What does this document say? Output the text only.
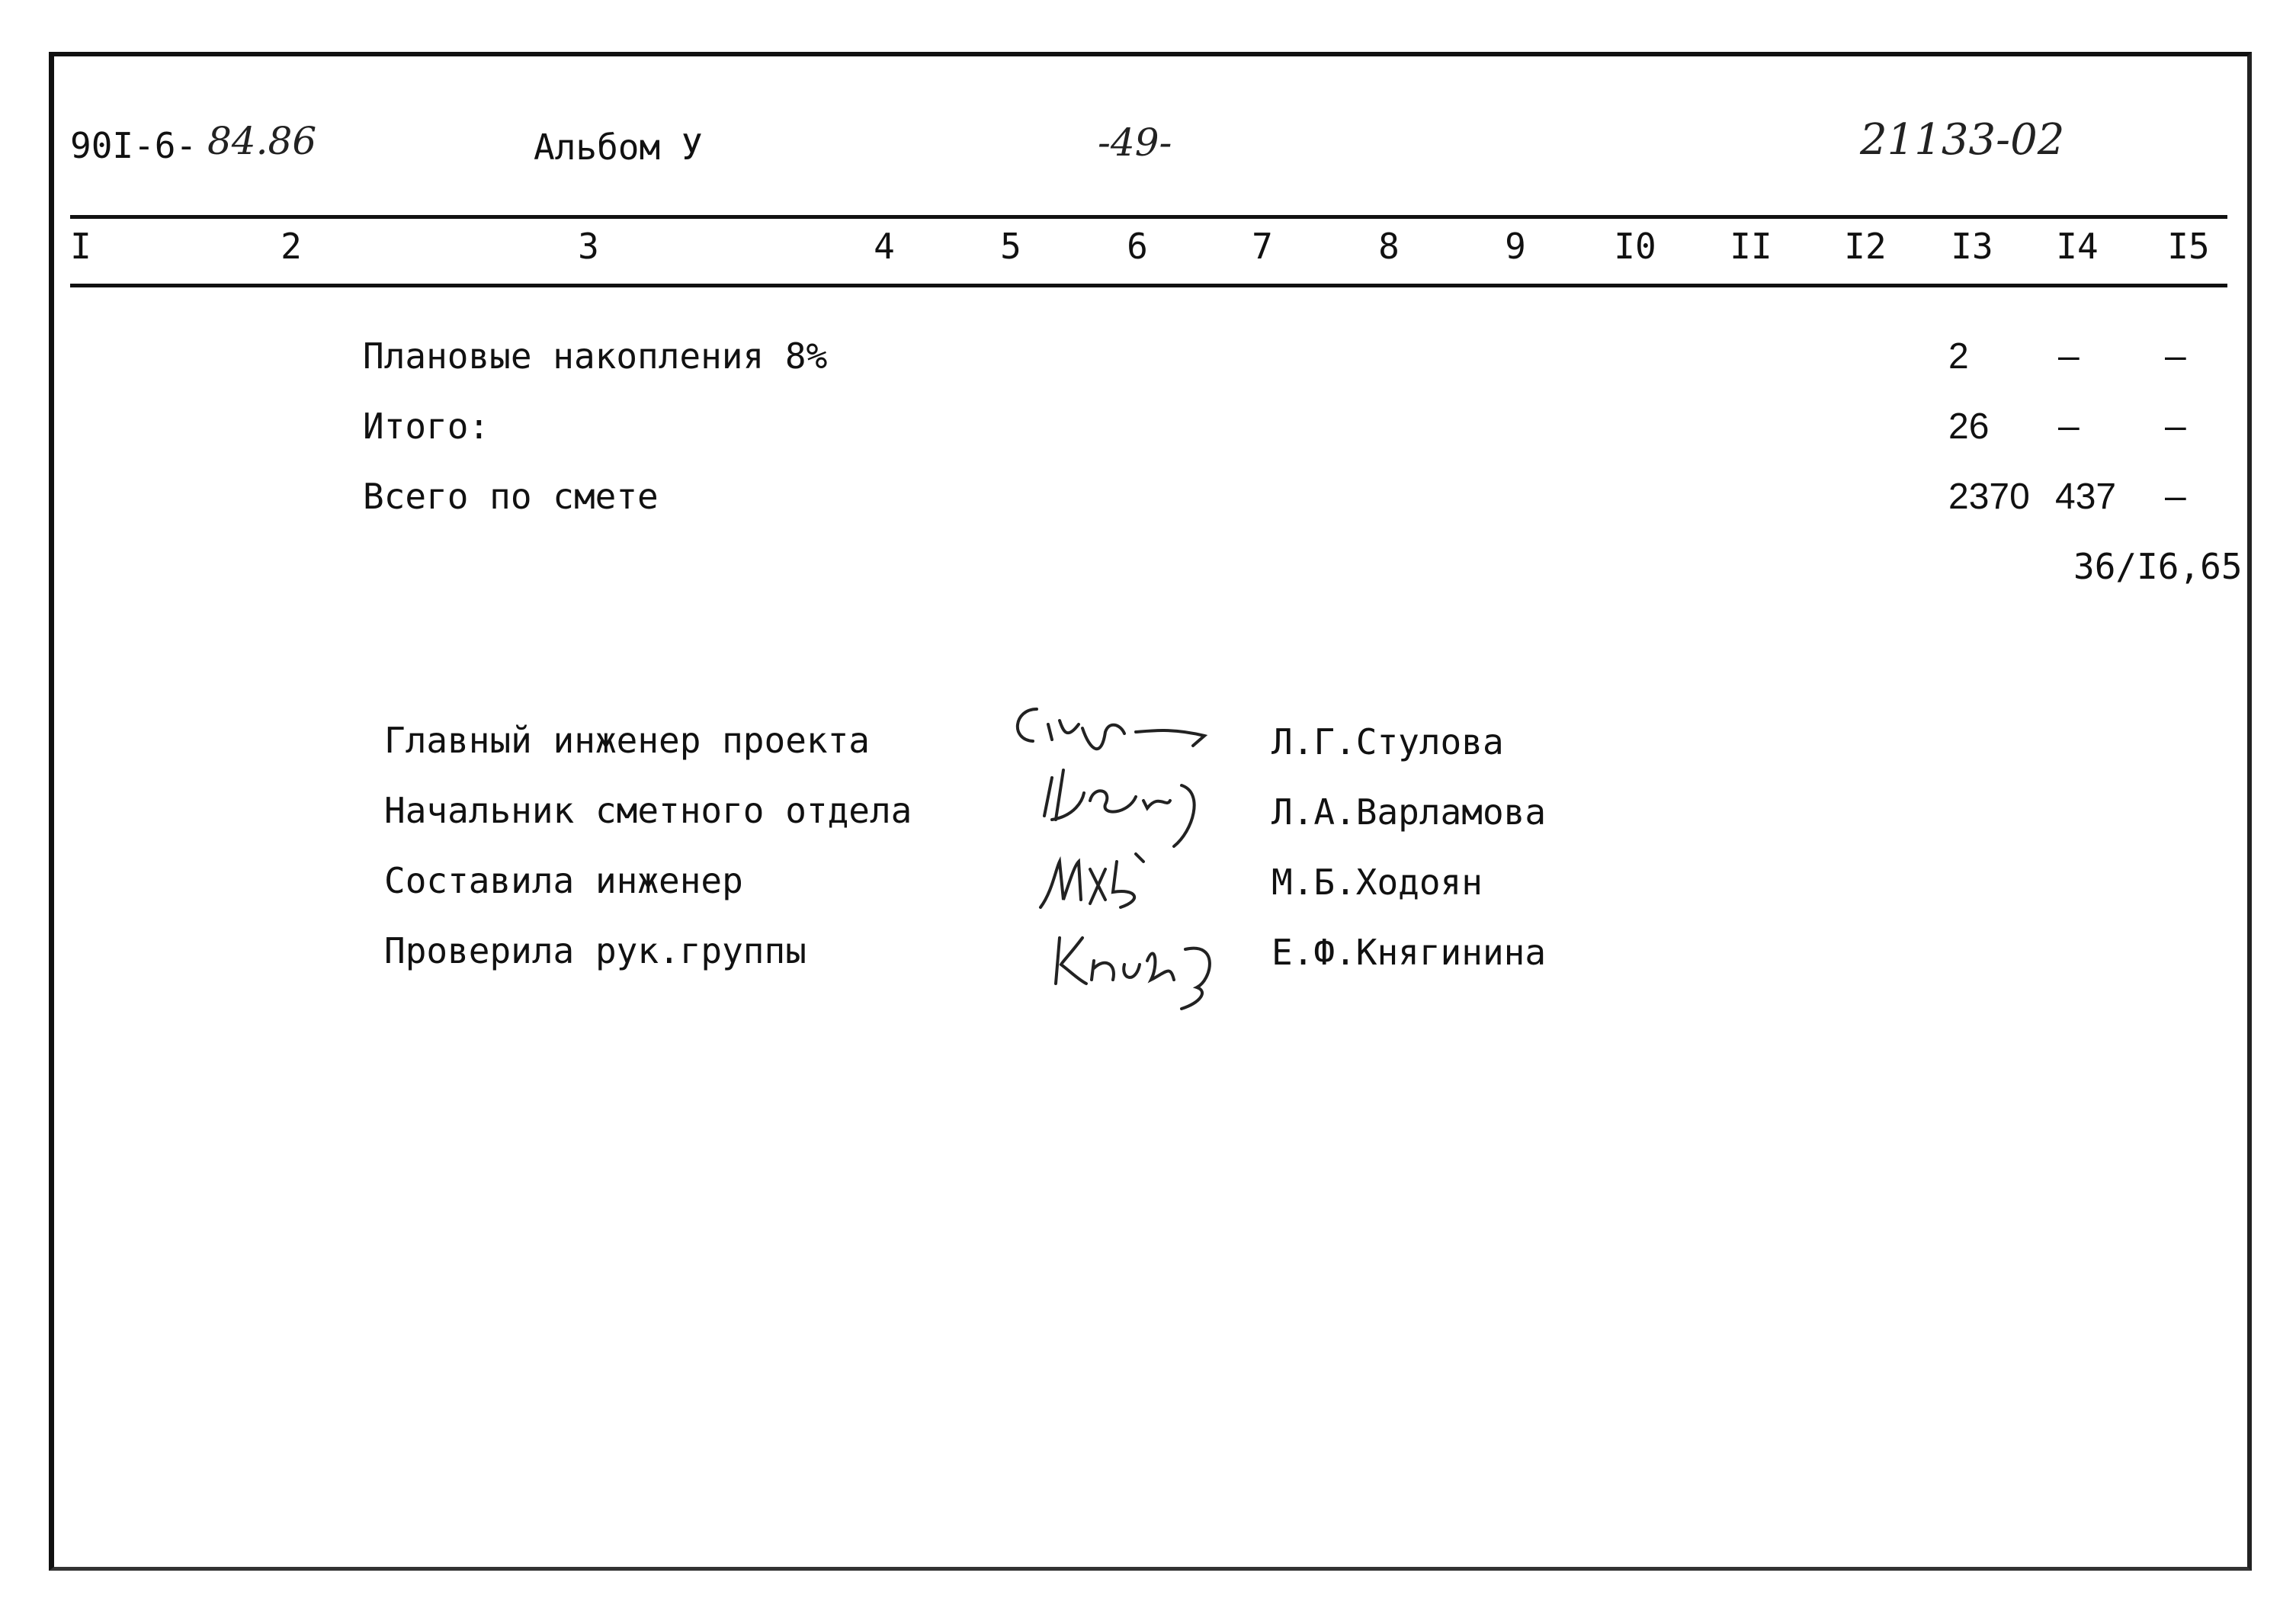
90I-6- 84.86	Альбом У	-49-	21133-02
I	2	3	4	5	6	7	8	9	I0 II I2 I3 I4 I5
Плановые накопления 8%	2	– –
Итого:	26 – –
Всего по смете	2370 437 –
36/I6,65
Главный инженер проекта
Начальник сметного отдела
Составила инженер
Проверила рук.группы
Л.Г.Стулова
Л.А.Варламова
М.Б.Ходоян
Е.Ф.Княгинина
